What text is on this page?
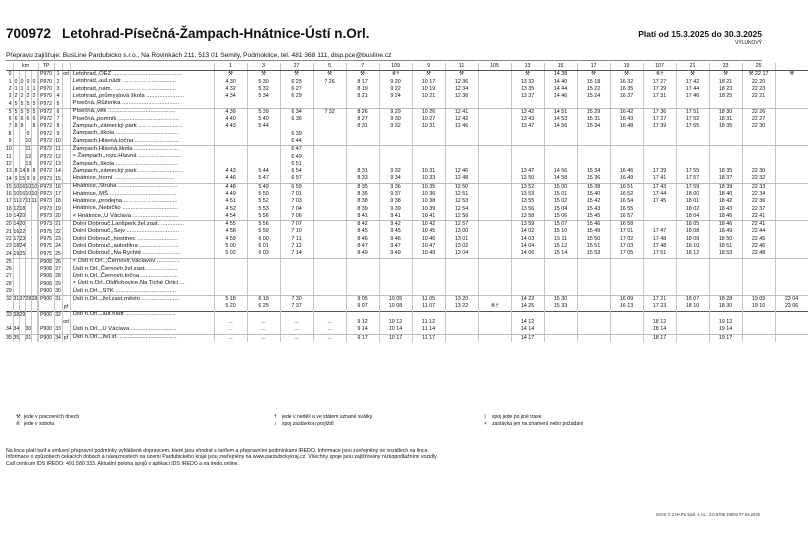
700972 Letohrad-Písečná-Žampach-Hnátnice-Ústí n.Orl.	Platí od 15.3.2025 do 30.3.2025
VÝLUKOVÝ
Přepravu zajišťuje: BusLine Pardubicko s.r.o., Na Rovinkách 211, 513 01 Semily, Podmoklice, tel. 481 368 111, disp.pce@busline.cz
	km				TP				1	3	27	5	7	109	9	11	105	13	15	17	19	107	21	23	25		
0						P970	1	od	Letohrad,,OEZ ..........................................	⚒	⚒	⚒	⚒	⚒	⑥†	⚒	⚒		⚒	14 38	⚒	⚒	⑥†	⚒	⚒	⚒ 22 17	⚒	
1	0	0	0	0		P970	2		Letohrad,,aut.nádr. ................................	4 30	5 30	6 25	7 26	8 17	9 20	10 17	12 36		13 32	14 40	15 18	16 32	17 27	17 42	18 21	22 20		
2	1	1	1	1		P970	3		Letohrad,,nám. ......................................	4 32	5 32	6 27		8 19	9 22	10 19	12 34		13 35	14 44	15 22	16 35	17 29	17 44	18 23	22 23		
3	2	2	2	2		P970	4		Letohrad,,průmyslová škola .......................	4 34	5 34	6 29		8 21	9 24	10 21	12 36		13 37	14 46	15 24	16 37	17 31	17 46	18 25	22 21		
4	5	5	5	5		P972	5		Písečná,,Růženka ...................................																			
5	5	5	5	5		P972	6		Písečná,,věk .........................................	4 39	5 39	6 34	7 32	8 26	9 29	10 26	12 41		13 42	14 51	15 29	16 42	17 36	17 51	18 30	22 26		
6	6	6	6	6		P972	7		Písečná,,pomník .....................................	4 40	5 40	6 36		8 27	9 30	10 27	12 42		13 43	14 53	15 31	16 43	17 37	17 52	18 31	22 27		
7	8	8		8		P972	8		Žampach,,zámecký park ...........................	4 43	5 44			8 31	9 32	10 31	12 46		13 47	14 56	15 34	16 48	17 39	17 55	18 35	22 30		
8			9			P972	9		Žampach,,škola ......................................			6 39																
9			10			P972	10		Žampach,Hlavná,točna ...........................			6 44																
10			11			P972	11		Žampach,Hlavná,škola ...........................			6 47																
11			12			P972	12		× Žampach,,rozc.Hlavná ..........................			6 49																
12			13			P972	13		Žampach,,škola ......................................			6 51																
13	8	14	8	8		P972	14		Žampach,,zámecký park ...........................	4 43	5 44	6 54		8 31	9 32	10 31	12 46		13 47	14 56	15 34	16 46	17 39	17 55	18 35	22 30		
14	9	15	9	9		P973	15		Hnátnice,,horní .....................................	4 46	5 47	6 57		8 33	9 34	10 33	12 48		13 50	14 58	15 36	16 49	17 41	17 57	18 37	22 32		
15	10	16	10	10		P973	16		Hnátnice,,Struha ....................................	4 48	5 49	6 59		8 35	9 36	10 35	12 50		13 52	15 00	15 38	16 51	17 43	17 59	18 39	22 33		
16	10	16	10	10		P973	17		Hnátnice,,MŠ .........................................	4 49	5 50	7 01		8 36	9 37	10 36	12 51		13 53	15 01	15 40	16 52	17 44	18 00	18 40	22 34		
17	11	17	11	11		P973	18		Hnátnice,,prodejna .................................	4 51	5 52	7 03		8 38	9 38	10 38	12 53		13 55	15 02	15 42	16 54	17 45	18 01	18 42	22 36		
18	12	18				P973	19		Hnátnice,,Nebíčko ..................................	4 52	5 53	7 04		8 39	9 39	10 39	12 54		13 56	15 04	15 43	16 55		18 02	18 43	22 37		
19	14	20				P973	20		× Hnátnice,,U Václava ............................	4 54	5 56	7 06		8 41	9 41	10 41	12 56		13 58	15 06	15 45	16 57		18 04	18 46	22 41		
20	14	20				P973	21		Dolní Dobrouč,Lanšperk,žel.zast. ..............	4 55	5 56	7 07		8 42	9 42	10 42	12 57		13 59	15 07	15 46	16 58		18 05	18 46	22 41		
21	16	22				P975	22		Dolní Dobrouč,,Sejv ................................	4 58	5 59	7 10		8 45	9 45	10 45	13 00		14 02	15 10	15 49	17 01	17 47	18 08	18 49	22 44		
22	17	23				P975	23		Dolní Dobrouč,,hostinec .........................	4 59	6 00	7 11		8 46	9 46	10 46	13 01		14 03	15 11	15 50	17 02	17 48	18 09	18 50	22 45		
23	18	24				P975	24		Dolní Dobrouč,,autodílna ........................	5 00	6 01	7 12		8 47	9 47	10 47	13 02		14 04	15 12	15 51	17 03	17 48	18 10	18 51	22 46		
24	19	25				P975	25		Dolní Dobrouč,,Na Rychtě .......................	5 02	6 03	7 14		8 49	9 49	10 49	13 04		14 06	15 14	15 53	17 05	17 51	18 12	18 53	22 48		
25						P908	26		× Ústí n.Orl.,,Černovír,Václavov ..............																			
26						P908	27		Ústí n.Orl.,Černovír,žel.zast. ..................																			
27						P908	28		Ústí n.Orl.,Černovír,točna .......................																			
28						P908	29		× Ústí n.Orl.,Oldřichovice,Na Tiché Orlici ...																			
29						P900	30		Ústí n.Orl.,,STK .....................................																			
32	31	37	28	28		P900	31		Ústí n.Orl.,,žel.zast.město .......................	5 18	6 19	7 30		9 05	10 05	11 05	13 20		14 22	15 30		16 09	17 21	18 07	18 28	19 09	23 04	
								př		5 20	6 25	7 37		9 07	10 08	11 07	13 22	⑥†	14 25	15 33		16 13	17 23	18 10	18 30	19 10	23 06	
33	38	29				P900	32		Ústí n.Orl.,,aut.nádr. ..............................																			
								od		...	...	...	...	9 12	10 12	11 12			14 12				18 12		19 12			
34	34		30			P900	33		Ústí n.Orl.,,U Václava ............................	...	...	...	...	9 14	10 14	11 14			14 14				18 14		19 14			
35	35		31			P900	34	př	Ústí n.Orl.,,žel.st. ...................................	...	...	...	...	9 17	10 17	11 17			14 17				18 17		19 17			
⚒ jede v pracovních dnech
⑥ jede v sobotu
† jede v neděli a ve státem uznané svátky
↕ spoj zastávkou projíždí
⟩ spoj jede po jiné trase
× zastávka jen na znamení nebo požádání
Na lince platí tarif a smluvní přepravní podmínky vyhlášené dopravcem, které jsou shodné s tarifem a přepravními podmínkami IREDO. Informace jsou zveřejněny ve vozidlech na lince.
Informace o způsobech čekacích dobách a návaznostech na území Pardubického kraje jsou zveřejněny na www.pardubickykraj.cz. Všechny spoje jsou zajišťovány nízkopodlažními vozidly.
Call centrum IDS IREDO: 491 580 333. Aktuální poloha spojů v aplikaci IDS IREDO a na iredo.online.
IDOS © CHAPS spol. s r.o., 3.0.6798.19002 07.03.2025
